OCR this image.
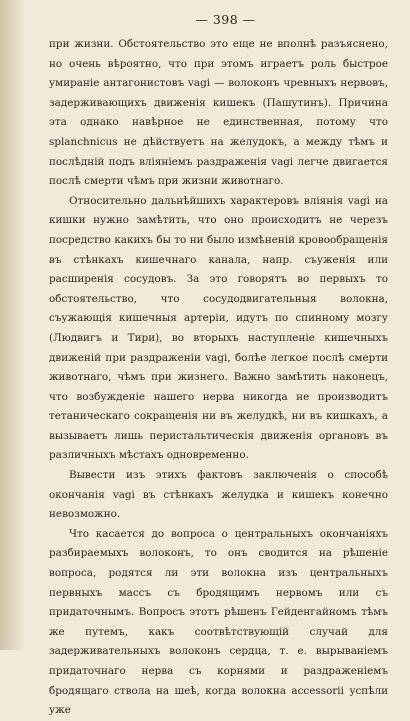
— 398 —

при жизни. Обстоятельство это еще не вполнѣ разъяснено, но очень вѣроятно, что при этомъ играетъ роль быстрое умираніе антагонистовъ vagi — волоконъ чревныхъ нервовъ, задерживающихъ движенія кишекъ (Пашутинъ). Причина эта однако навѣрное не единственная, потому что splanchnicus не дѣйствуетъ на желудокъ, а между тѣмъ и послѣдній подъ вліяніемъ раздраженія vagi легче двигается послѣ смерти чѣмъ при жизни животнаго.

Относительно дальнѣйшихъ характеровъ вліянія vagi на кишки нужно замѣтить, что оно происходитъ не черезъ посредство какихъ бы то ни было измѣненій кровообращенія въ стѣнкахъ кишечнаго канала, напр. съуженія или расширенія сосудовъ. За это говорятъ во первыхъ то обстоятельство, что сосудодвигательныя волокна, съужающія кишечныя артеріи, идутъ по спинному мозгу (Людвигъ и Тири), во вторыхъ наступленіе кишечныхъ движеній при раздраженіи vagi, болѣе легкое послѣ смерти животнаго, чѣмъ при жизнего. Важно замѣтить наконецъ, что возбужденіе нашего нерва никогда не производитъ тетаническаго сокращенія ни въ желудкѣ, ни въ кишкахъ, а вызываетъ лишь перистальтическія движенія органовъ въ различныхъ мѣстахъ одновременно.

Вывести изъ этихъ фактовъ заключенія о способѣ окончанія vagi въ стѣнкахъ желудка и кишекъ конечно невозможно.

Что касается до вопроса о центральныхъ окончаніяхъ разбираемыхъ волоконъ, то онъ сводится на рѣшеніе вопроса, родятся ли эти волокна изъ центральныхъ первныхъ массъ съ бродящимъ нервомъ или съ придаточнымъ. Вопросъ этотъ рѣшенъ Гейденгайномъ тѣмъ же путемъ, какъ соотвѣтствующій случай для задерживательныхъ волоконъ сердца, т. е. вырываніемъ придаточнаго нерва съ корнями и раздраженіемъ бродящаго ствола на шеѣ, когда волокна accessorii успѣли уже
